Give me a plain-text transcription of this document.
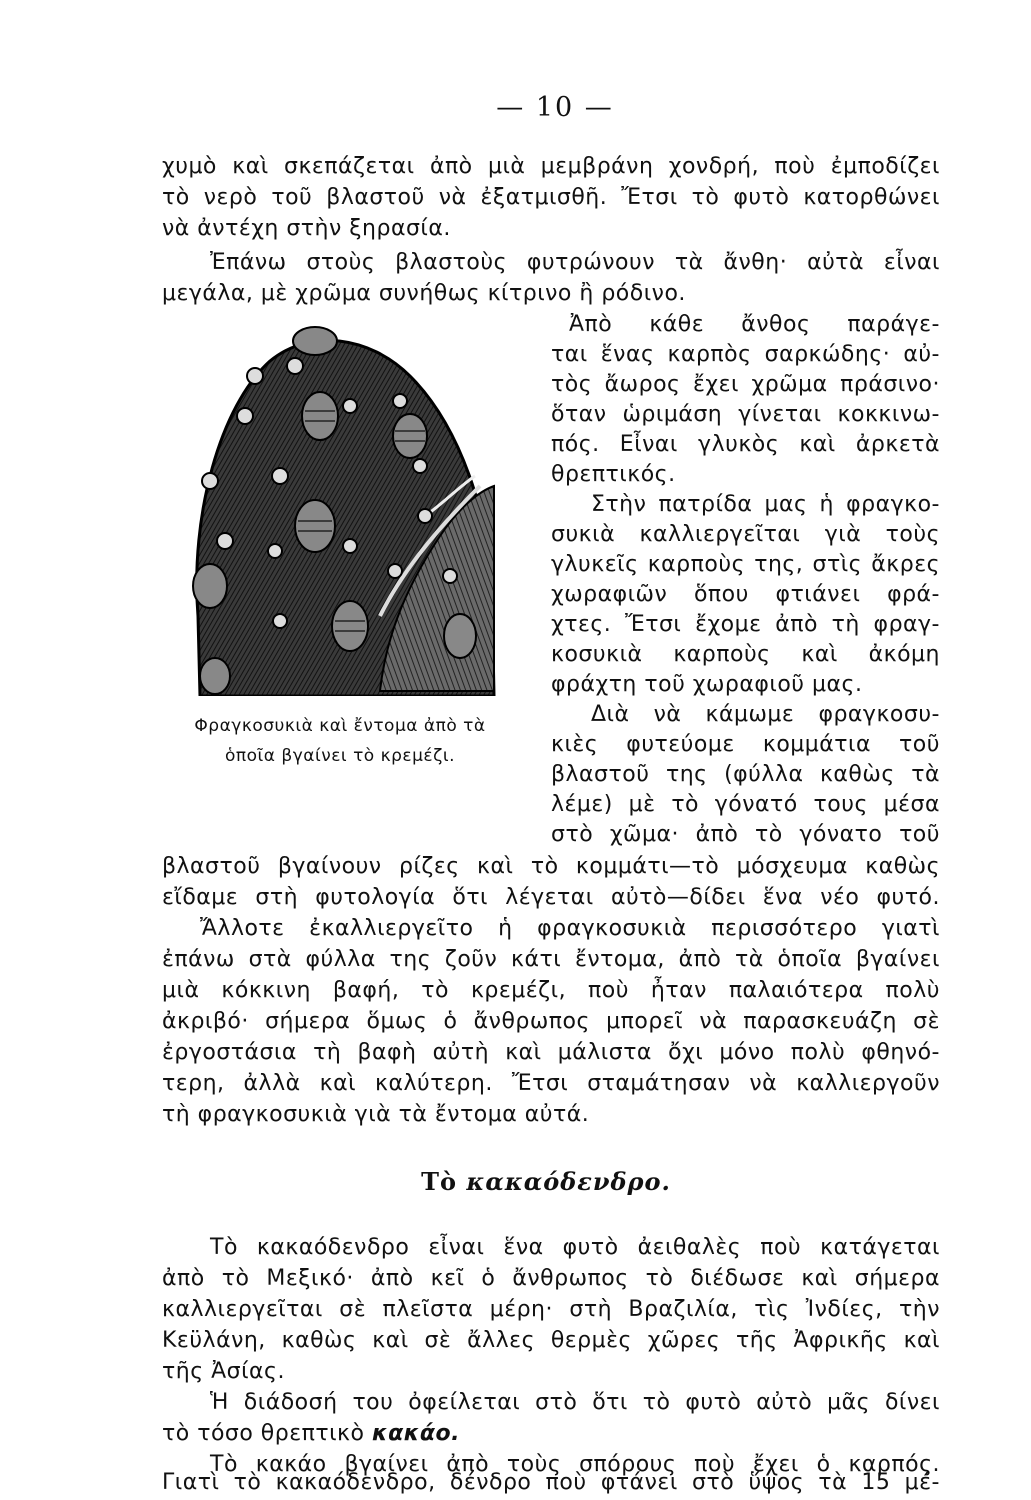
— 10 —
χυμὸ καὶ σκεπάζεται ἀπὸ μιὰ μεμβράνη χονδρή, ποὺ ἐμποδίζει
τὸ νερὸ τοῦ βλαστοῦ νὰ ἐξατμισθῆ. Ἔτσι τὸ φυτὸ κατορθώνει
νὰ ἀντέχη στὴν ξηρασία.
Ἐπάνω στοὺς βλαστοὺς φυτρώνουν τὰ ἄνθη· αὐτὰ εἶναι
μεγάλα, μὲ χρῶμα συνήθως κίτρινο ἢ ρόδινο.
Ἀπὸ κάθε ἄνθος παράγε-
ται ἕνας καρπὸς σαρκώδης· αὐ-
τὸς ἄωρος ἔχει χρῶμα πράσινο·
ὅταν ὡριμάση γίνεται κοκκινω-
πός. Εἶναι γλυκὸς καὶ ἀρκετὰ
θρεπτικός.
Στὴν πατρίδα μας ἡ φραγκο-
συκιὰ καλλιεργεῖται γιὰ τοὺς
γλυκεῖς καρποὺς της, στὶς ἄκρες
χωραφιῶν ὅπου φτιάνει φρά-
χτες. Ἔτσι ἔχομε ἀπὸ τὴ φραγ-
κοσυκιὰ καρποὺς καὶ ἀκόμη
φράχτη τοῦ χωραφιοῦ μας.
Διὰ νὰ κάμωμε φραγκοσυ-
κιὲς φυτεύομε κομμάτια τοῦ
βλαστοῦ της (φύλλα καθὼς τὰ
λέμε) μὲ τὸ γόνατό τους μέσα
στὸ χῶμα· ἀπὸ τὸ γόνατο τοῦ
Φραγκοσυκιὰ καὶ ἔντομα ἀπὸ τὰ
ὁποῖα βγαίνει τὸ κρεμέζι.
βλαστοῦ βγαίνουν ρίζες καὶ τὸ κομμάτι—τὸ μόσχευμα καθὼς
εἴδαμε στὴ φυτολογία ὅτι λέγεται αὐτὸ—δίδει ἕνα νέο φυτό.
Ἄλλοτε ἐκαλλιεργεῖτο ἡ φραγκοσυκιὰ περισσότερο γιατὶ
ἐπάνω στὰ φύλλα της ζοῦν κάτι ἔντομα, ἀπὸ τὰ ὁποῖα βγαίνει
μιὰ κόκκινη βαφή, τὸ κρεμέζι, ποὺ ἦταν παλαιότερα πολὺ
ἀκριβό· σήμερα ὅμως ὁ ἄνθρωπος μπορεῖ νὰ παρασκευάζη σὲ
ἐργοστάσια τὴ βαφὴ αὐτὴ καὶ μάλιστα ὄχι μόνο πολὺ φθηνό-
τερη, ἀλλὰ καὶ καλύτερη. Ἔτσι σταμάτησαν νὰ καλλιεργοῦν
τὴ φραγκοσυκιὰ γιὰ τὰ ἔντομα αὐτά.
Τὸ κακαόδενδρο.
Τὸ κακαόδενδρο εἶναι ἕνα φυτὸ ἀειθαλὲς ποὺ κατάγεται
ἀπὸ τὸ Μεξικό· ἀπὸ κεῖ ὁ ἄνθρωπος τὸ διέδωσε καὶ σήμερα
καλλιεργεῖται σὲ πλεῖστα μέρη· στὴ Βραζιλία, τὶς Ἰνδίες, τὴν
Κεϋλάνη, καθὼς καὶ σὲ ἄλλες θερμὲς χῶρες τῆς Ἀφρικῆς καὶ
τῆς Ἀσίας.
Ἡ διάδοσή του ὀφείλεται στὸ ὅτι τὸ φυτὸ αὐτὸ μᾶς δίνει
τὸ τόσο θρεπτικὸ κακάο.
Τὸ κακάο βγαίνει ἀπὸ τοὺς σπόρους ποὺ ἔχει ὁ καρπός.
Γιατὶ τὸ κακαόδενδρο, δένδρο ποὺ φτάνει στὸ ὕψος τὰ 15 μέ-
